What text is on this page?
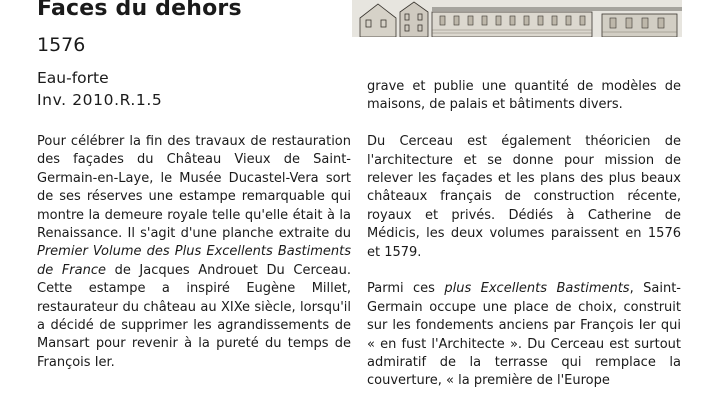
Faces du dehors
1576
Eau-forte
Inv. 2010.R.1.5

Pour célébrer la fin des travaux de restauration des façades du Château Vieux de Saint-Germain-en-Laye, le Musée Ducastel-Vera sort de ses réserves une estampe remarquable qui montre la demeure royale telle qu'elle était à la Renaissance. Il s'agit d'une planche extraite du Premier Volume des Plus Excellents Bastiments de France de Jacques Androuet Du Cerceau. Cette estampe a inspiré Eugène Millet, restaurateur du château au XIXe siècle, lorsqu'il a décidé de supprimer les agrandissements de Mansart pour revenir à la pureté du temps de François Ier.

grave et publie une quantité de modèles de maisons, de palais et bâtiments divers.

Du Cerceau est également théoricien de l'architecture et se donne pour mission de relever les façades et les plans des plus beaux châteaux français de construction récente, royaux et privés. Dédiés à Catherine de Médicis, les deux volumes paraissent en 1576 et 1579.

Parmi ces plus Excellents Bastiments, Saint-Germain occupe une place de choix, construit sur les fondements anciens par François Ier qui « en fust l'Architecte ». Du Cerceau est surtout admiratif de la terrasse qui remplace la couverture, « la première de l'Europe
